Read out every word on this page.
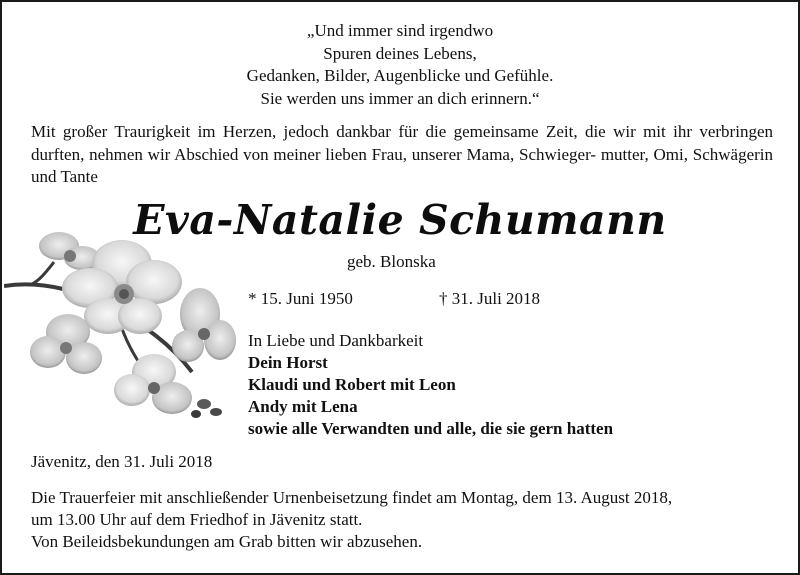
„Und immer sind irgendwo
Spuren deines Lebens,
Gedanken, Bilder, Augenblicke und Gefühle.
Sie werden uns immer an dich erinnern.“
Mit großer Traurigkeit im Herzen, jedoch dankbar für die gemeinsame Zeit, die wir mit ihr verbringen durften, nehmen wir Abschied von meiner lieben Frau, unserer Mama, Schwieger- mutter, Omi, Schwägerin und Tante
Eva-Natalie Schumann
geb. Blonska
* 15. Juni 1950	† 31. Juli 2018
In Liebe und Dankbarkeit
Dein Horst
Klaudi und Robert mit Leon
Andy mit Lena
sowie alle Verwandten und alle, die sie gern hatten
Jävenitz, den 31. Juli 2018
Die Trauerfeier mit anschließender Urnenbeisetzung findet am Montag, dem 13. August 2018,
um 13.00 Uhr auf dem Friedhof in Jävenitz statt.
Von Beileidsbekundungen am Grab bitten wir abzusehen.
